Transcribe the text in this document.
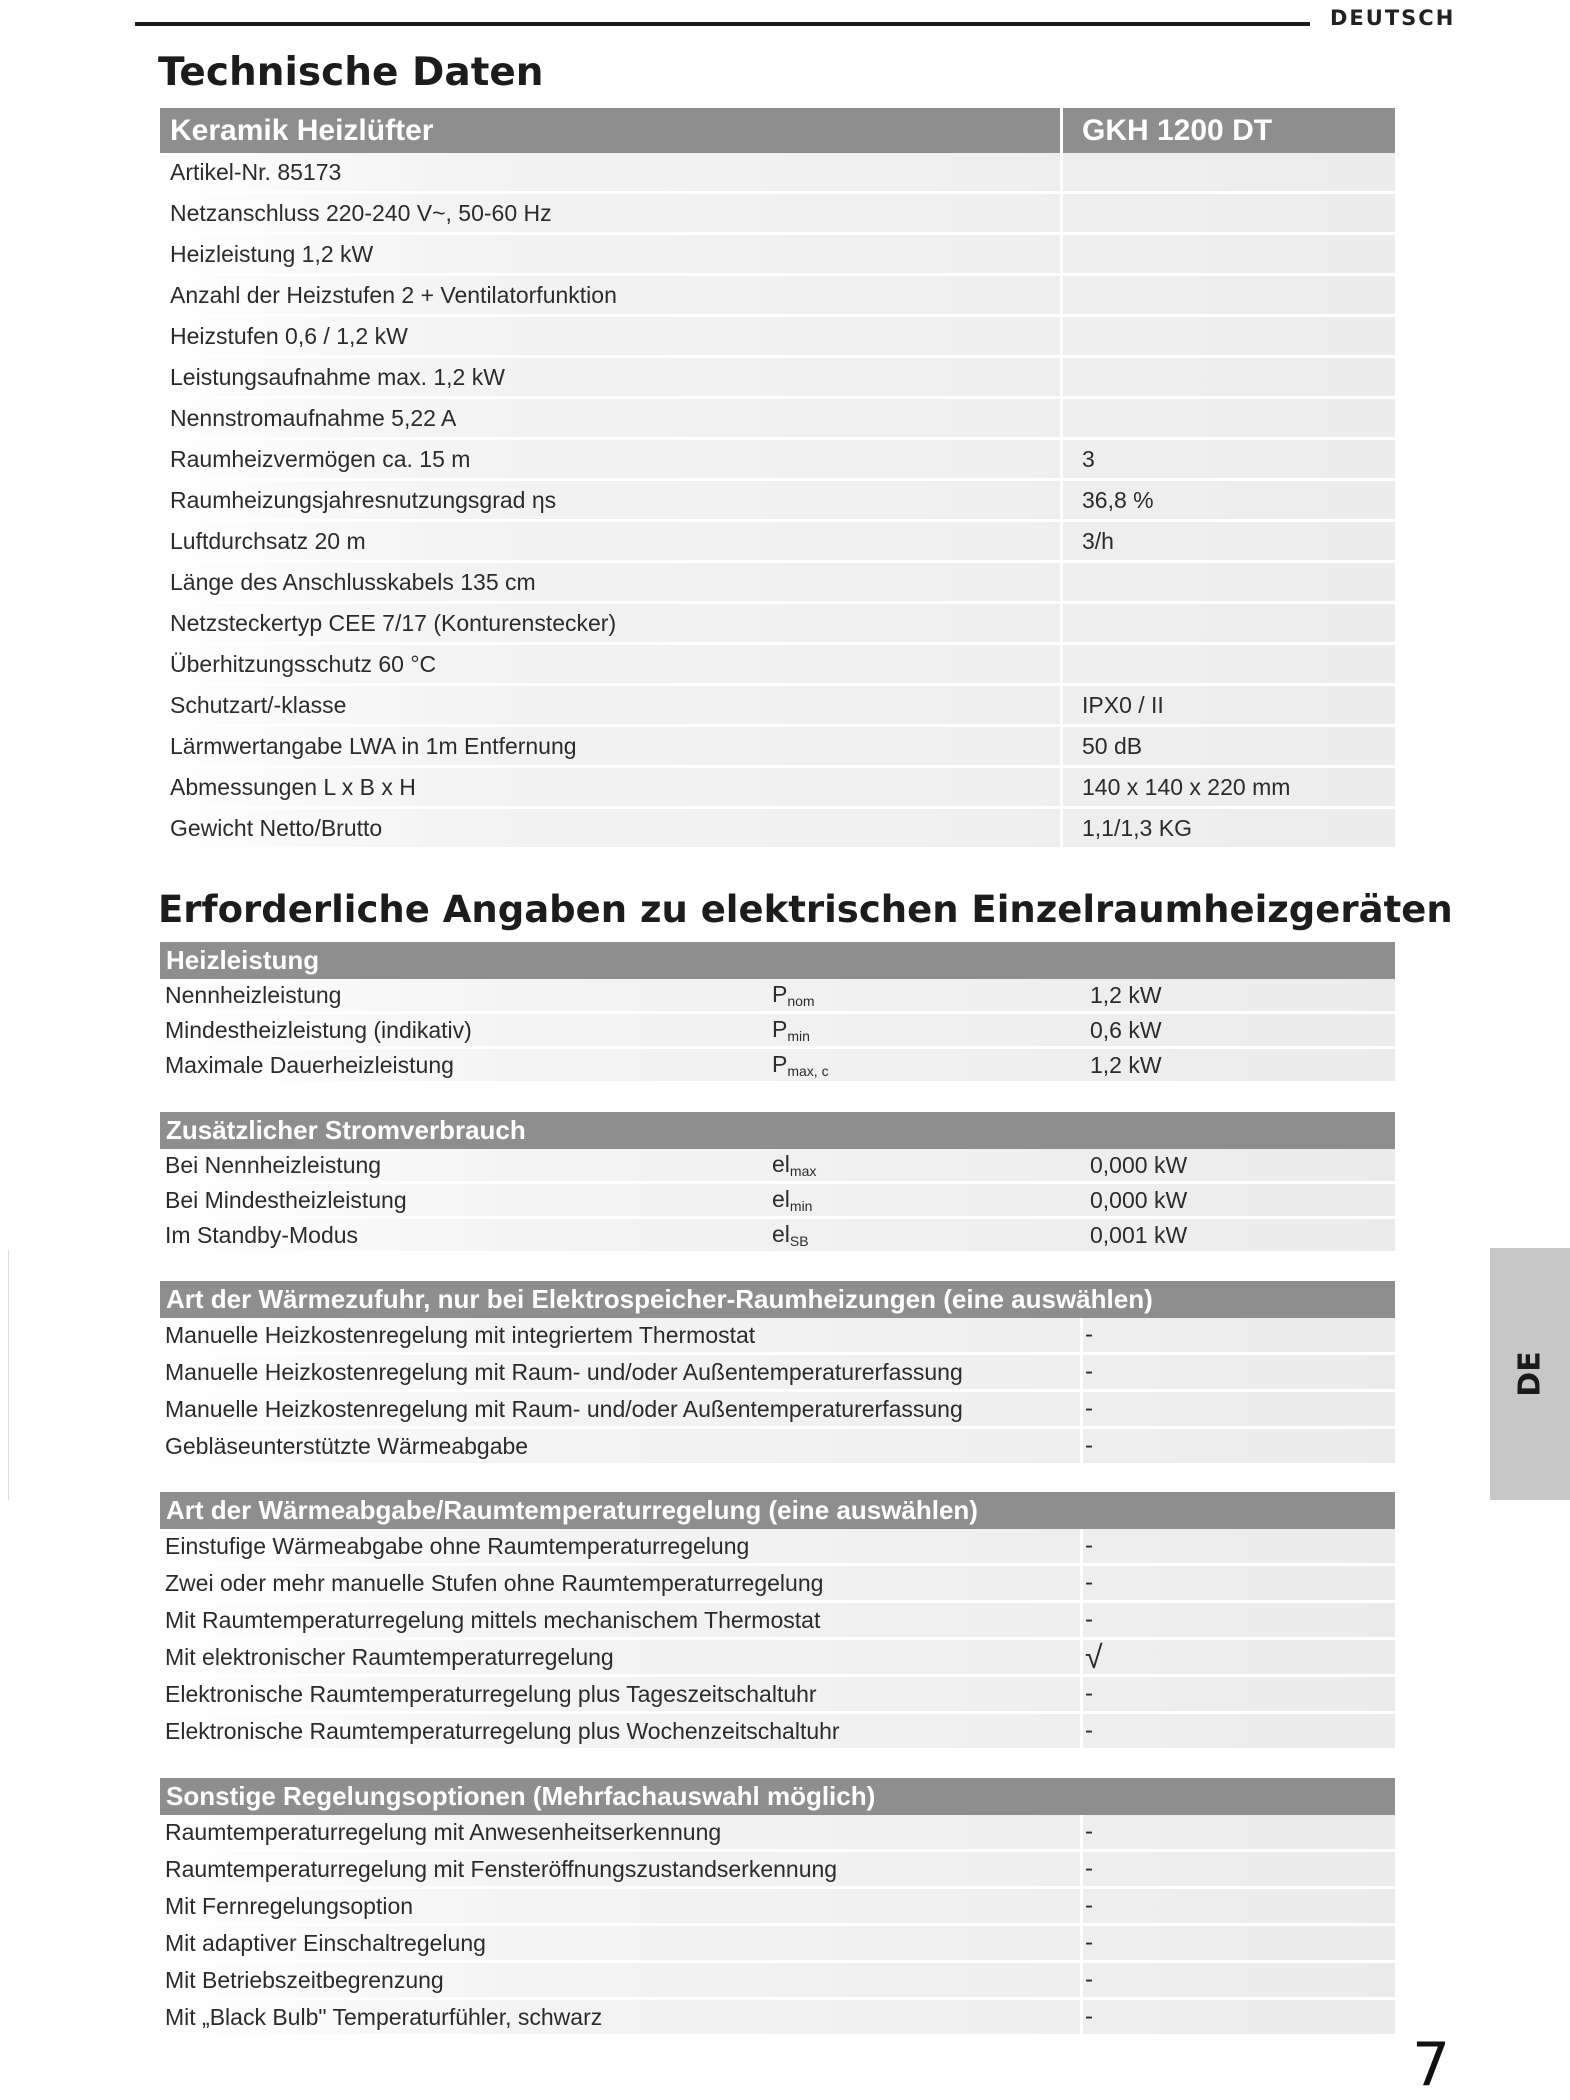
DEUTSCH
Technische Daten
Keramik Heizlüfter	GKH 1200 DT
Artikel-Nr. 85173
Netzanschluss 220-240 V~, 50-60 Hz
Heizleistung 1,2 kW
Anzahl der Heizstufen 2 + Ventilatorfunktion
Heizstufen 0,6 / 1,2 kW
Leistungsaufnahme max. 1,2 kW
Nennstromaufnahme 5,22 A
Raumheizvermögen ca. 15 m	3
Raumheizungsjahresnutzungsgrad ηs	36,8 %
Luftdurchsatz 20 m	3/h
Länge des Anschlusskabels 135 cm
Netzsteckertyp CEE 7/17 (Konturenstecker)
Überhitzungsschutz 60 °C
Schutzart/-klasse	IPX0 / II
Lärmwertangabe LWA in 1m Entfernung	50 dB
Abmessungen L x B x H	140 x 140 x 220 mm
Gewicht Netto/Brutto	1,1/1,3 KG
Erforderliche Angaben zu elektrischen Einzelraumheizgeräten
Heizleistung
Nennheizleistung	$P_{nom}$	1,2 kW
Mindestheizleistung (indikativ)	$P_{min}$	0,6 kW
Maximale Dauerheizleistung	$P_{max, c}$	1,2 kW
Zusätzlicher Stromverbrauch
Bei Nennheizleistung	$el_{max}$	0,000 kW
Bei Mindestheizleistung	$el_{min}$	0,000 kW
Im Standby-Modus	$el_{SB}$	0,001 kW
Art der Wärmezufuhr, nur bei Elektrospeicher-Raumheizungen (eine auswählen)
Manuelle Heizkostenregelung mit integriertem Thermostat	-
Manuelle Heizkostenregelung mit Raum- und/oder Außentemperaturerfassung	-
Manuelle Heizkostenregelung mit Raum- und/oder Außentemperaturerfassung	-
Gebläseunterstützte Wärmeabgabe	-
Art der Wärmeabgabe/Raumtemperaturregelung (eine auswählen)
Einstufige Wärmeabgabe ohne Raumtemperaturregelung	-
Zwei oder mehr manuelle Stufen ohne Raumtemperaturregelung	-
Mit Raumtemperaturregelung mittels mechanischem Thermostat	-
Mit elektronischer Raumtemperaturregelung	√
Elektronische Raumtemperaturregelung plus Tageszeitschaltuhr	-
Elektronische Raumtemperaturregelung plus Wochenzeitschaltuhr	-
Sonstige Regelungsoptionen (Mehrfachauswahl möglich)
Raumtemperaturregelung mit Anwesenheitserkennung	-
Raumtemperaturregelung mit Fensteröffnungszustandserkennung	-
Mit Fernregelungsoption	-
Mit adaptiver Einschaltregelung	-
Mit Betriebszeitbegrenzung	-
Mit „Black Bulb" Temperaturfühler, schwarz	-
DE
7
